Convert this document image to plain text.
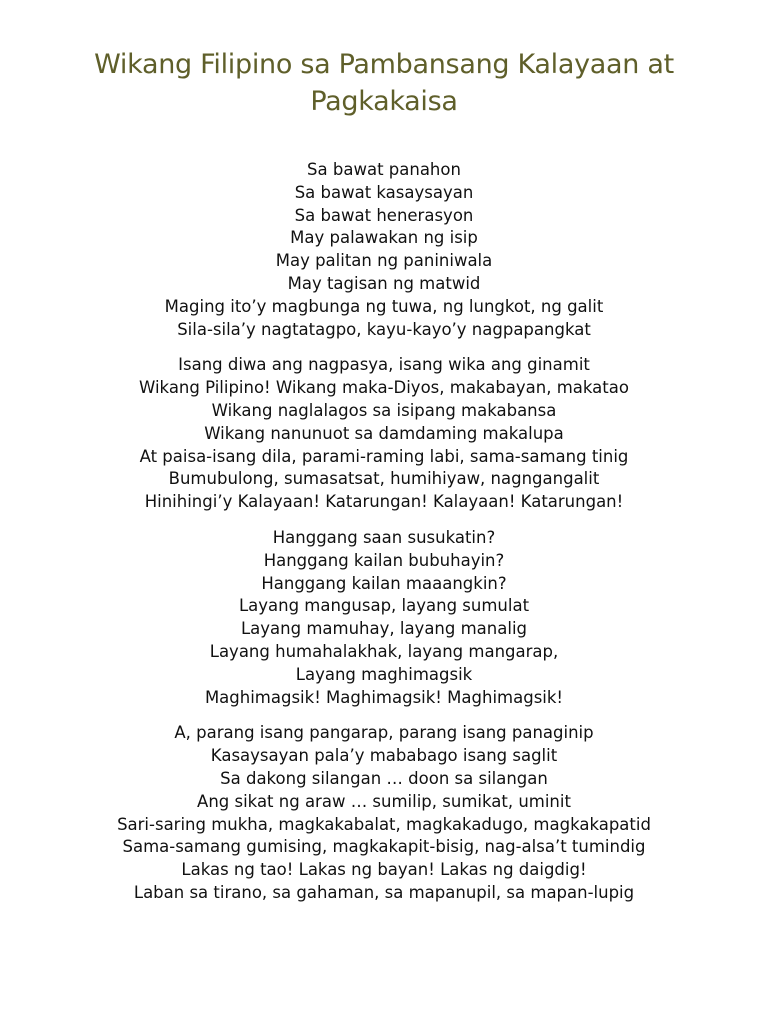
Wikang Filipino sa Pambansang Kalayaan at
Pagkakaisa
Sa bawat panahon
Sa bawat kasaysayan
Sa bawat henerasyon
May palawakan ng isip
May palitan ng paniniwala
May tagisan ng matwid
Maging ito’y magbunga ng tuwa, ng lungkot, ng galit
Sila-sila’y nagtatagpo, kayu-kayo’y nagpapangkat
Isang diwa ang nagpasya, isang wika ang ginamit
Wikang Pilipino! Wikang maka-Diyos, makabayan, makatao
Wikang naglalagos sa isipang makabansa
Wikang nanunuot sa damdaming makalupa
At paisa-isang dila, parami-raming labi, sama-samang tinig
Bumubulong, sumasatsat, humihiyaw, nagngangalit
Hinihingi’y Kalayaan! Katarungan! Kalayaan! Katarungan!
Hanggang saan susukatin?
Hanggang kailan bubuhayin?
Hanggang kailan maaangkin?
Layang mangusap, layang sumulat
Layang mamuhay, layang manalig
Layang humahalakhak, layang mangarap,
Layang maghimagsik
Maghimagsik! Maghimagsik! Maghimagsik!
A, parang isang pangarap, parang isang panaginip
Kasaysayan pala’y mababago isang saglit
Sa dakong silangan … doon sa silangan
Ang sikat ng araw … sumilip, sumikat, uminit
Sari-saring mukha, magkakabalat, magkakadugo, magkakapatid
Sama-samang gumising, magkakapit-bisig, nag-alsa’t tumindig
Lakas ng tao! Lakas ng bayan! Lakas ng daigdig!
Laban sa tirano, sa gahaman, sa mapanupil, sa mapan-lupig
